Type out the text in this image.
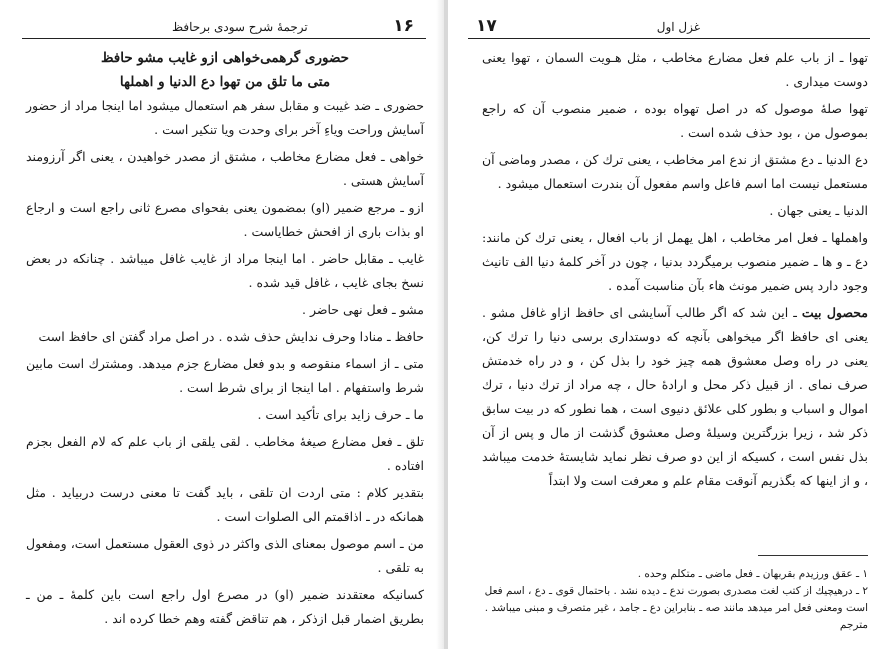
١۶
ترجمهٔ شرح سودی برحافظ
حضوری گرهمی‌خواهی ازو غایب مشو حافظ
متی ما تلق من تهوا دع الدنیا و اهملها

حضوری ـ ضد غیبت و مقابل سفر هم استعمال میشود اما اینجا مراد از حضور آسایش وراحت وياءِ آخر براى وحدت ويا تنكير است .

خواهی ـ فعل مضارع مخاطب ، مشتق از مصدر خواهیدن ، یعنی اگر آرزومند آسایش هستی .

ازو ـ مرجع ضمیر (او) بمضمون یعنی بفحوای مصرع ثانی راجع است و ارجاع او بذات باری از افحش خطایاست .

غایب ـ مقابل حاضر . اما اینجا مراد از غایب غافل میباشد . چنانکه در بعض نسخ بجای غایب ، غافل قید شده .

مشو ـ فعل نهی حاضر .

حافظ ـ منادا وحرف ندایش حذف شده . در اصل مراد گفتن ای حافظ است

متی ـ از اسماء منقوصه و بدو فعل مضارع جزم میدهد. ومشترك است مابین شرط واستفهام . اما اینجا از برای شرط است .

ما ـ حرف زاید برای تأکید است .

تلق ـ فعل مضارع صیغهٔ مخاطب . لقی یلقی از باب علم که لام الفعل بجزم افتاده .

بتقدیر کلام : متی اردت ان تلقی ، باید گفت تا معنی درست دربیاید . مثل همانکه در ـ اذاقمتم الی الصلوات است .

من ـ اسم موصول بمعنای الذی واکثر در ذوی العقول مستعمل است، ومفعول به تلقی .

کسانیکه معتقدند ضمیر (او) در مصرع اول راجع است باین کلمهٔ ـ من ـ بطریق اضمار قبل ازذکر ، هم تناقض گفته وهم خطا کرده اند .

١٧	غزل اول

تهوا ـ از باب علم فعل مضارع مخاطب ، مثل هـویت السمان ، تهوا یعنی دوست میداری .

تهوا صلهٔ موصول که در اصل تهواه بوده ، ضمیر منصوب آن که راجع بموصول من ، بود حذف شده است .

دع الدنیا ـ دع مشتق از ندع امر مخاطب ، یعنی ترك کن ، مصدر وماضی آن مستعمل نیست اما اسم فاعل واسم مفعول آن بندرت استعمال میشود .

الدنیا ـ یعنی جهان .

واهملها ـ فعل امر مخاطب ، اهل یهمل از باب افعال ، یعنی ترك کن مانند: دع ـ و ها ـ ضمیر منصوب برمیگردد بدنیا ، چون در آخر کلمهٔ دنیا الف تانیث وجود دارد پس ضمیر مونث هاء بآن مناسبت آمده .

محصول بیت ـ این شد که اگر طالب آسایشی ای حافظ ازاو غافل مشو . یعنی ای حافظ اگر میخواهی بآنچه که دوستداری برسی دنیا را ترك کن، یعنی در راه وصل معشوق همه چیز خود را بذل کن ، و در راه خدمتش صرف نمای . از قبیل ذکر محل و ارادهٔ حال ، چه مراد از ترك دنیا ، ترك اموال و اسباب و بطور کلی علائق دنیوی است ، هما نطور که در بیت سابق ذکر شد ، زیرا بزرگترین وسیلهٔ وصل معشوق گذشت از مال و پس از آن بذل نفس است ، کسیکه از این دو صرف نظر نماید شایستهٔ خدمت میباشد ، و از اینها که بگذریم آنوقت مقام علم و معرفت است ولا ابتداً

١ ـ عقق ورزیدم بقربهان ـ فعل ماضی ـ متکلم وحده .
٢ ـ درهیچیك از کتب لغت مصدری بصورت ندع ـ دیده نشد . باحتمال قوی ـ دع ، اسم فعل است ومعنی فعل امر میدهد مانند صه ـ بنابراین دع ـ جامد ، غیر متصرف و مبنی میباشد . مترجم
